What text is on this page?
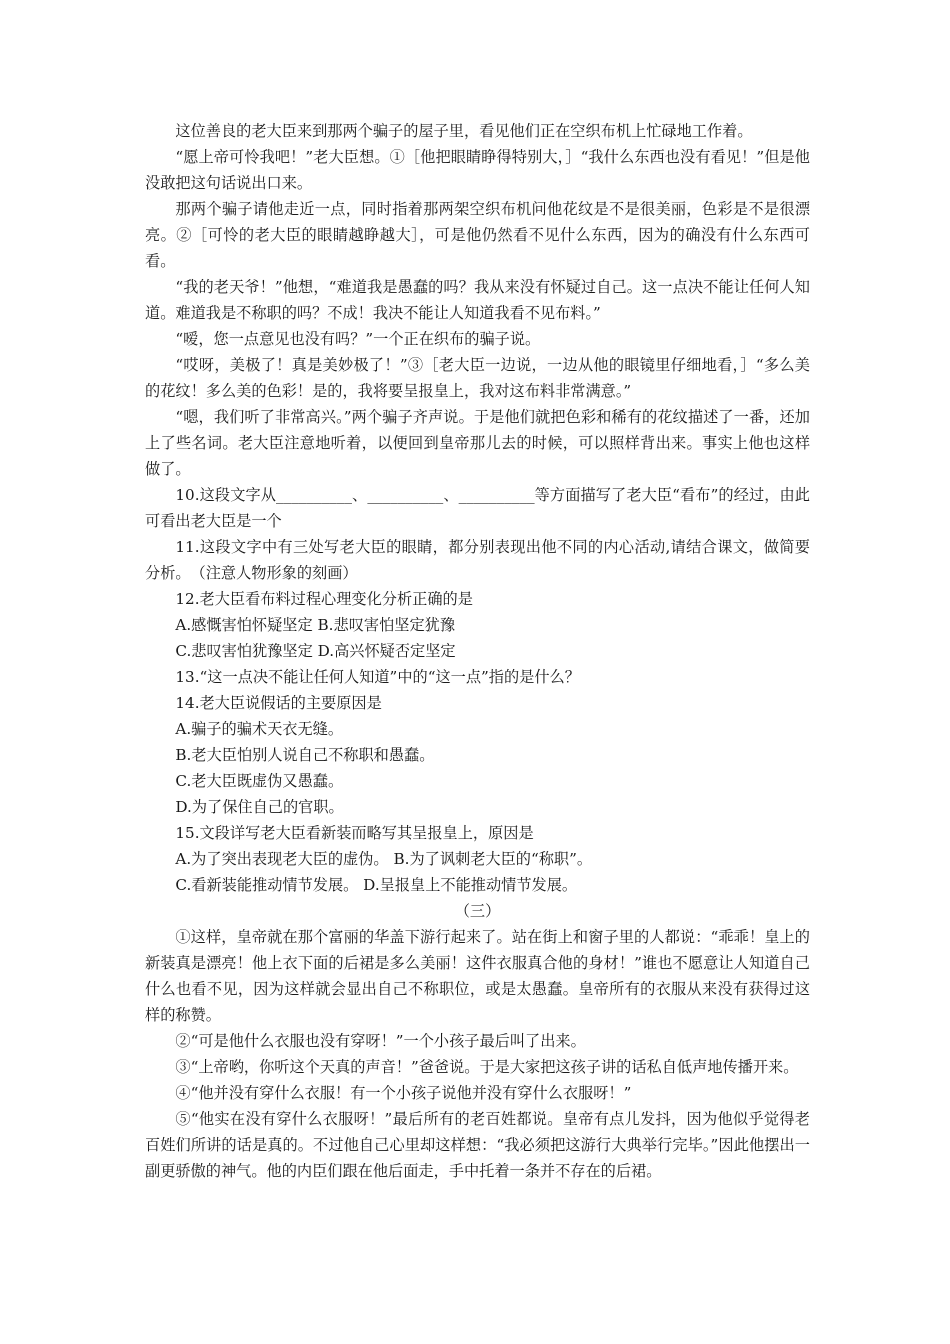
这位善良的老大臣来到那两个骗子的屋子里，看见他们正在空织布机上忙碌地工作着。

“愿上帝可怜我吧！”老大臣想。①［他把眼睛睁得特别大，］“我什么东西也没有看见！”但是他没敢把这句话说出口来。

那两个骗子请他走近一点，同时指着那两架空织布机问他花纹是不是很美丽，色彩是不是很漂亮。②［可怜的老大臣的眼睛越睁越大］，可是他仍然看不见什么东西，因为的确没有什么东西可看。

“我的老天爷！”他想，“难道我是愚蠢的吗？我从来没有怀疑过自己。这一点决不能让任何人知道。难道我是不称职的吗？不成！我决不能让人知道我看不见布料。”

“嗳，您一点意见也没有吗？”一个正在织布的骗子说。

“哎呀，美极了！真是美妙极了！”③［老大臣一边说，一边从他的眼镜里仔细地看，］“多么美的花纹！多么美的色彩！是的，我将要呈报皇上，我对这布料非常满意。”

“嗯，我们听了非常高兴。”两个骗子齐声说。于是他们就把色彩和稀有的花纹描述了一番，还加上了些名词。老大臣注意地听着，以便回到皇帝那儿去的时候，可以照样背出来。事实上他也这样做了。

10.这段文字从__________、__________、__________等方面描写了老大臣“看布”的经过，由此可看出老大臣是一个

11.这段文字中有三处写老大臣的眼睛，都分别表现出他不同的内心活动,请结合课文，做简要分析。　（注意人物形象的刻画）

12.老大臣看布料过程心理变化分析正确的是

A.感慨害怕怀疑坚定 B.悲叹害怕坚定犹豫

C.悲叹害怕犹豫坚定 D.高兴怀疑否定坚定

13.“这一点决不能让任何人知道”中的“这一点”指的是什么？

14.老大臣说假话的主要原因是

A.骗子的骗术天衣无缝。

B.老大臣怕别人说自己不称职和愚蠢。

C.老大臣既虚伪又愚蠢。

D.为了保住自己的官职。

15.文段详写老大臣看新装而略写其呈报皇上，原因是

A.为了突出表现老大臣的虚伪。 B.为了讽刺老大臣的“称职”。

C.看新装能推动情节发展。 D.呈报皇上不能推动情节发展。

（三）

①这样，皇帝就在那个富丽的华盖下游行起来了。站在街上和窗子里的人都说：“乖乖！皇上的新装真是漂亮！他上衣下面的后裙是多么美丽！这件衣服真合他的身材！”谁也不愿意让人知道自己什么也看不见，因为这样就会显出自己不称职位，或是太愚蠢。皇帝所有的衣服从来没有获得过这样的称赞。

②“可是他什么衣服也没有穿呀！”一个小孩子最后叫了出来。

③“上帝哟，你听这个天真的声音！”爸爸说。于是大家把这孩子讲的话私自低声地传播开来。

④“他并没有穿什么衣服！有一个小孩子说他并没有穿什么衣服呀！”

⑤“他实在没有穿什么衣服呀！”最后所有的老百姓都说。皇帝有点儿发抖，因为他似乎觉得老百姓们所讲的话是真的。不过他自己心里却这样想：“我必须把这游行大典举行完毕。”因此他摆出一副更骄傲的神气。他的内臣们跟在他后面走，手中托着一条并不存在的后裙。
